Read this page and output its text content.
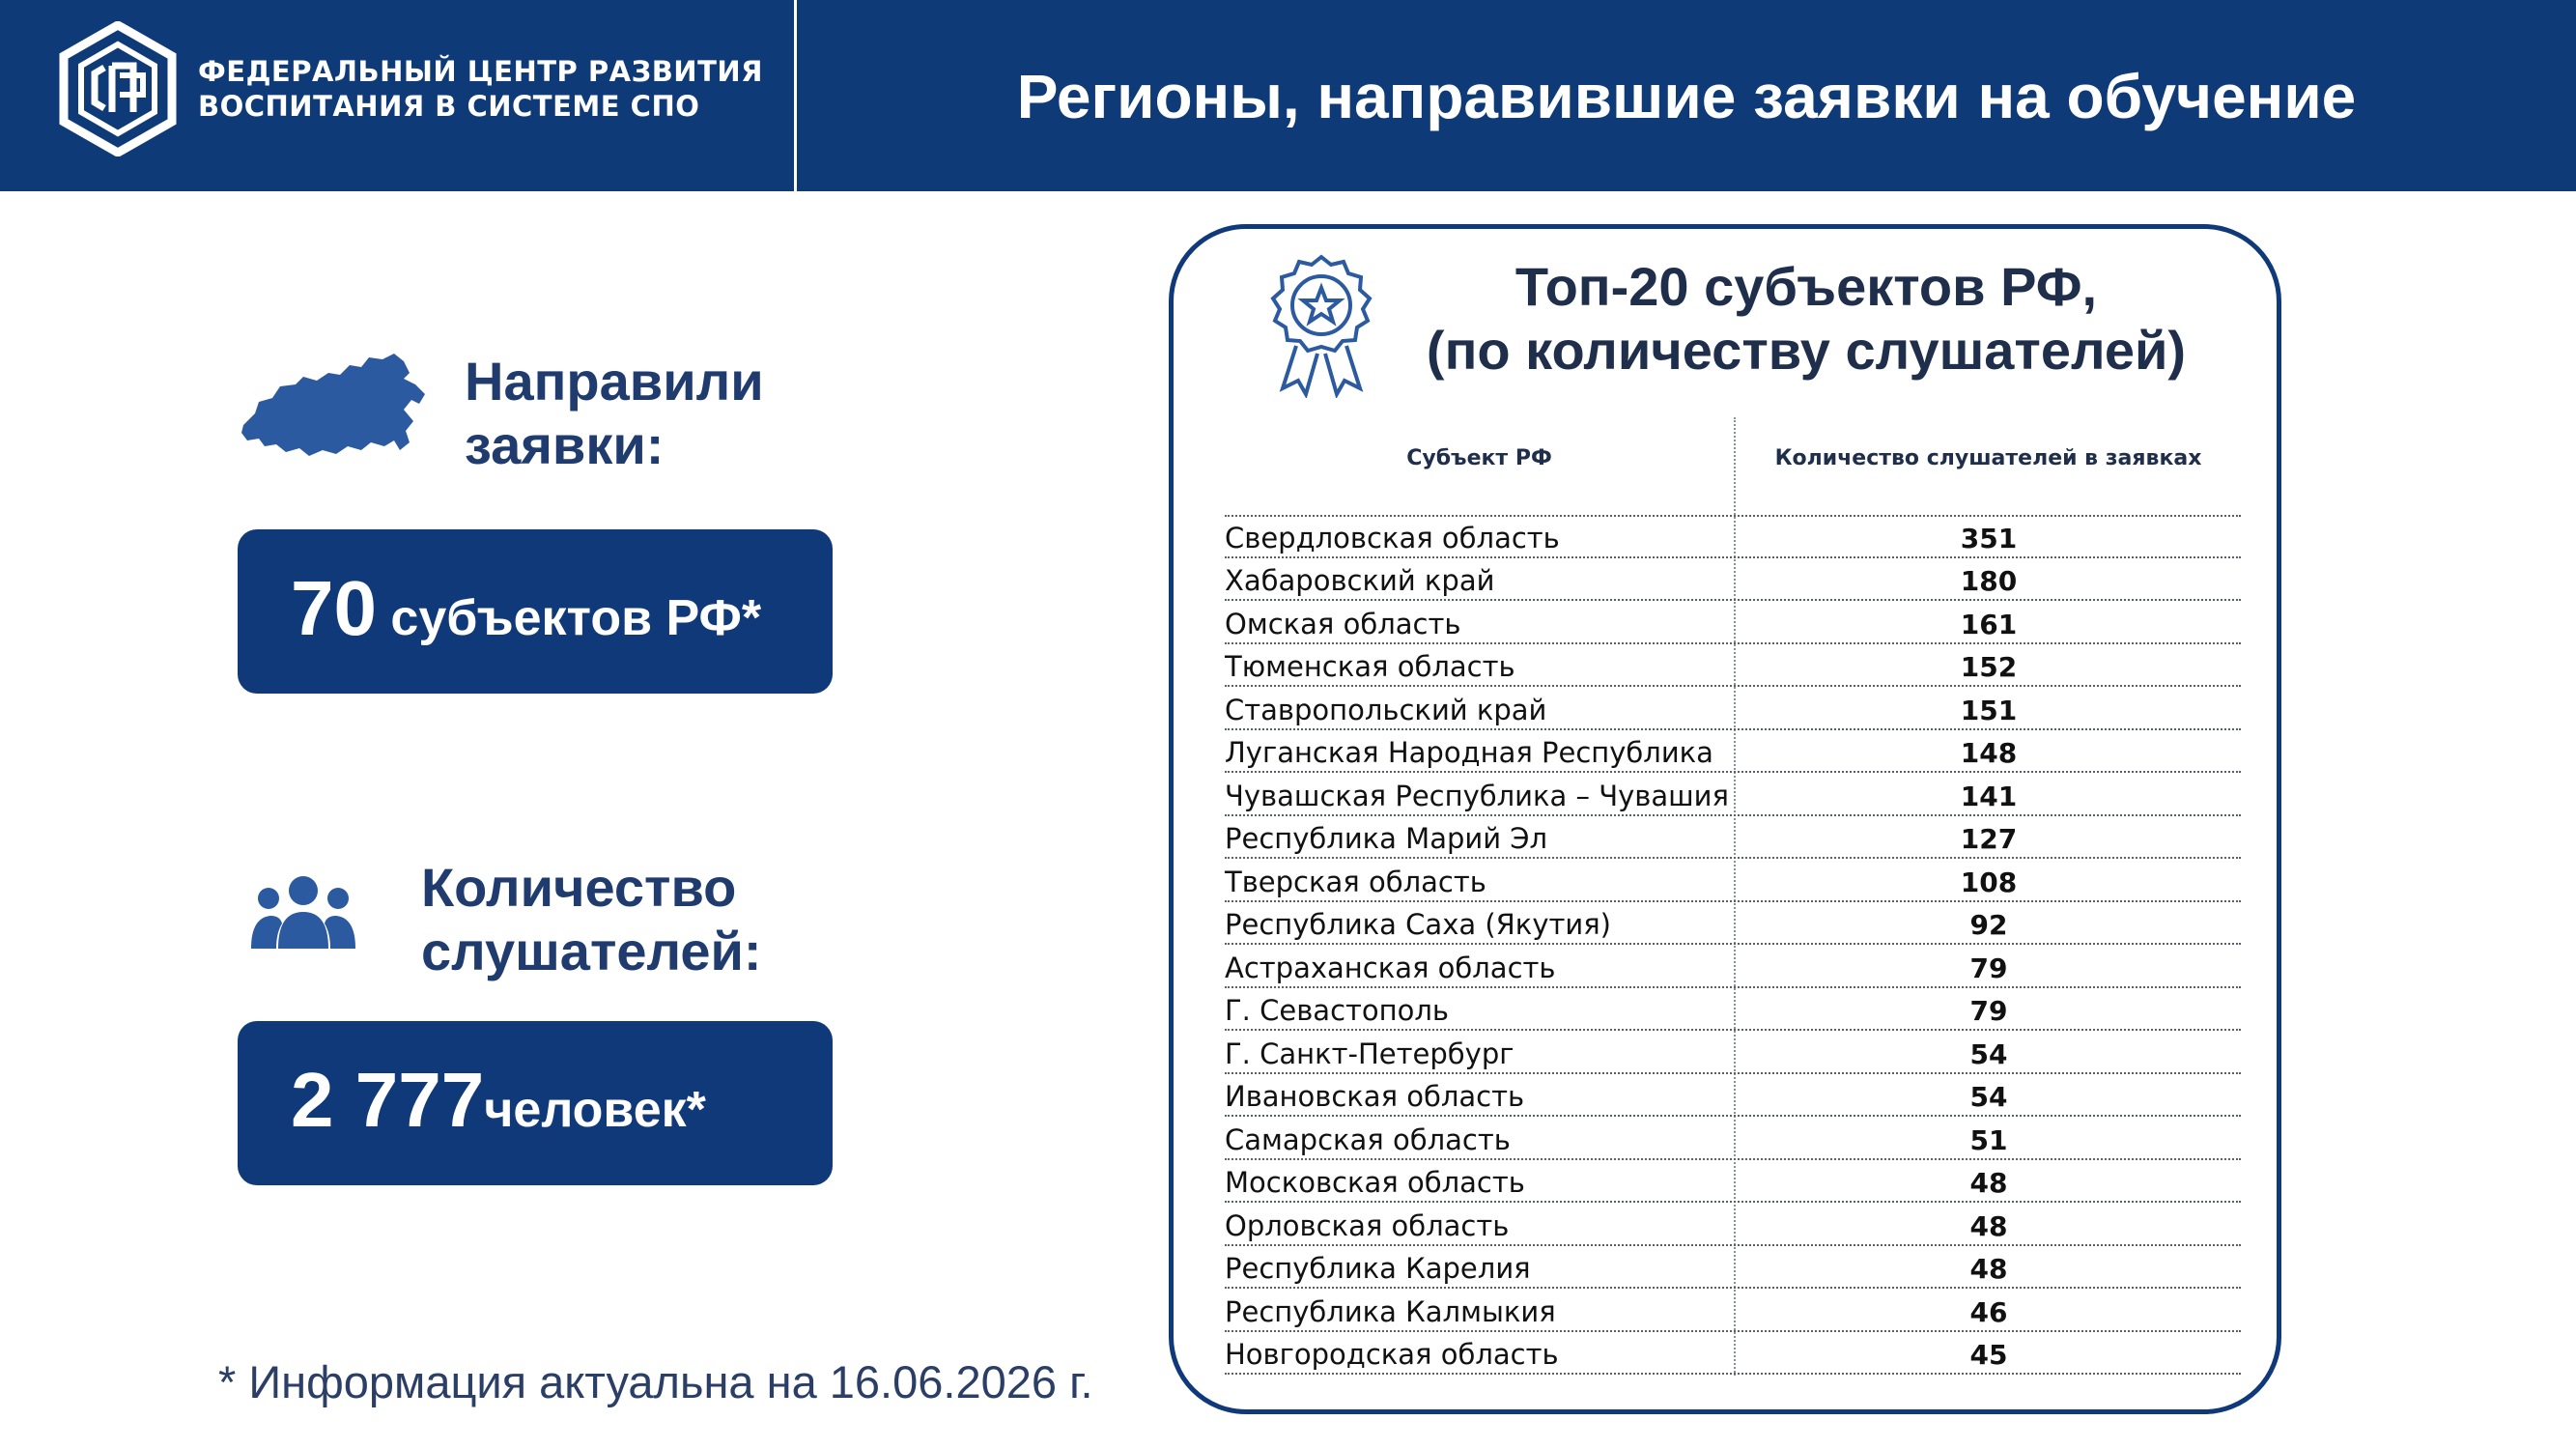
ФЕДЕРАЛЬНЫЙ ЦЕНТР РАЗВИТИЯ
ВОСПИТАНИЯ В СИСТЕМЕ СПО	Регионы, направившие заявки на обучение
Направили
заявки:
70 субъектов РФ*
Количество
слушателей:
2 777человек*
* Информация актуальна на 16.06.2026 г.
Топ-20 субъектов РФ,
(по количеству слушателей)
Субъект РФ	Количество слушателей в заявках
Свердловская область	351
Хабаровский край	180
Омская область	161
Тюменская область	152
Ставропольский край	151
Луганская Народная Республика	148
Чувашская Республика – Чувашия	141
Республика Марий Эл	127
Тверская область	108
Республика Саха (Якутия)	92
Астраханская область	79
Г. Севастополь	79
Г. Санкт-Петербург	54
Ивановская область	54
Самарская область	51
Московская область	48
Орловская область	48
Республика Карелия	48
Республика Калмыкия	46
Новгородская область	45
